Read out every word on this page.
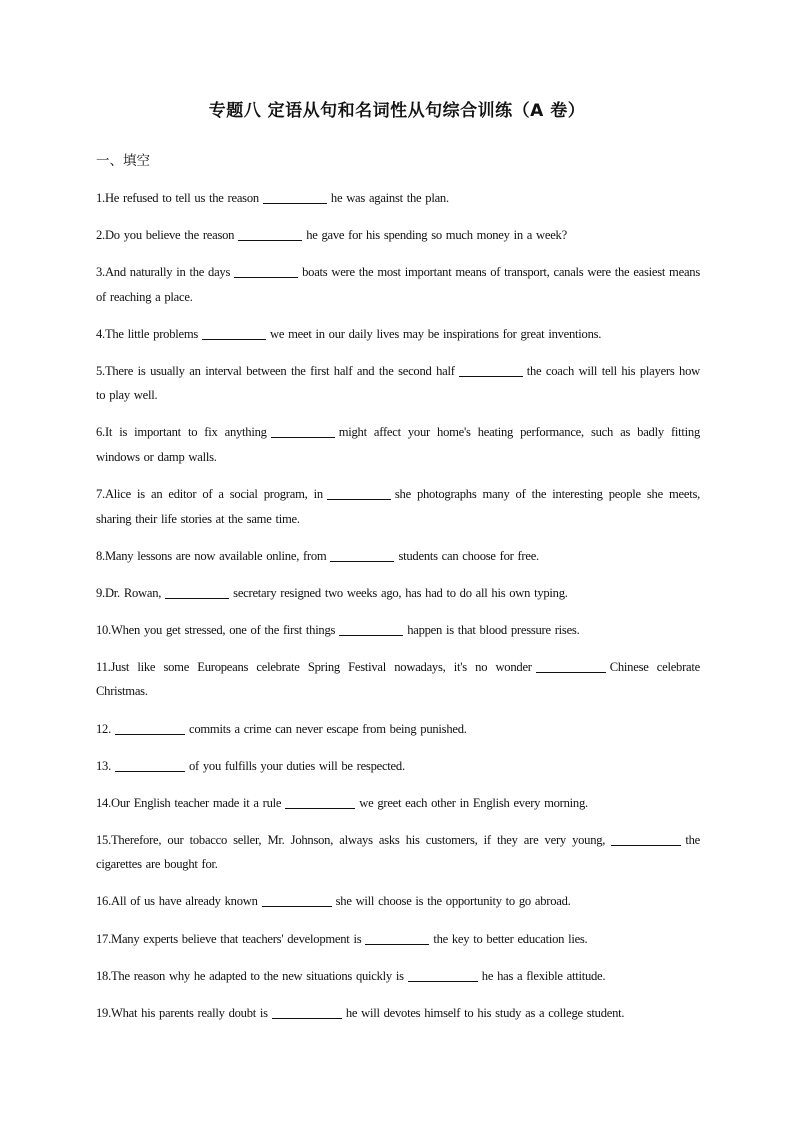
专题八 定语从句和名词性从句综合训练（A 卷）
一、填空

1.He refused to tell us the reason	he was against the plan.

2.Do you believe the reason	he gave for his spending so much money in a week?

3.And naturally in the days	boats were the most important means of transport, canals were the easiest means of reaching a place.

4.The little problems	we meet in our daily lives may be inspirations for great inventions.

5.There is usually an interval between the first half and the second half	the coach will tell his players how to play well.

6.It is important to fix anything	might affect your home's heating performance, such as badly fitting windows or damp walls.

7.Alice is an editor of a social program, in	she photographs many of the interesting people she meets, sharing their life stories at the same time.

8.Many lessons are now available online, from	students can choose for free.

9.Dr. Rowan,	secretary resigned two weeks ago, has had to do all his own typing.

10.When you get stressed, one of the first things	happen is that blood pressure rises.

11.Just like some Europeans celebrate Spring Festival nowadays, it's no wonder	Chinese celebrate Christmas.

12.	commits a crime can never escape from being punished.

13.	of you fulfills your duties will be respected.

14.Our English teacher made it a rule	we greet each other in English every morning.

15.Therefore, our tobacco seller, Mr. Johnson, always asks his customers, if they are very young,	the cigarettes are bought for.

16.All of us have already known	she will choose is the opportunity to go abroad.

17.Many experts believe that teachers' development is	the key to better education lies.

18.The reason why he adapted to the new situations quickly is	he has a flexible attitude.

19.What his parents really doubt is	he will devotes himself to his study as a college student.
